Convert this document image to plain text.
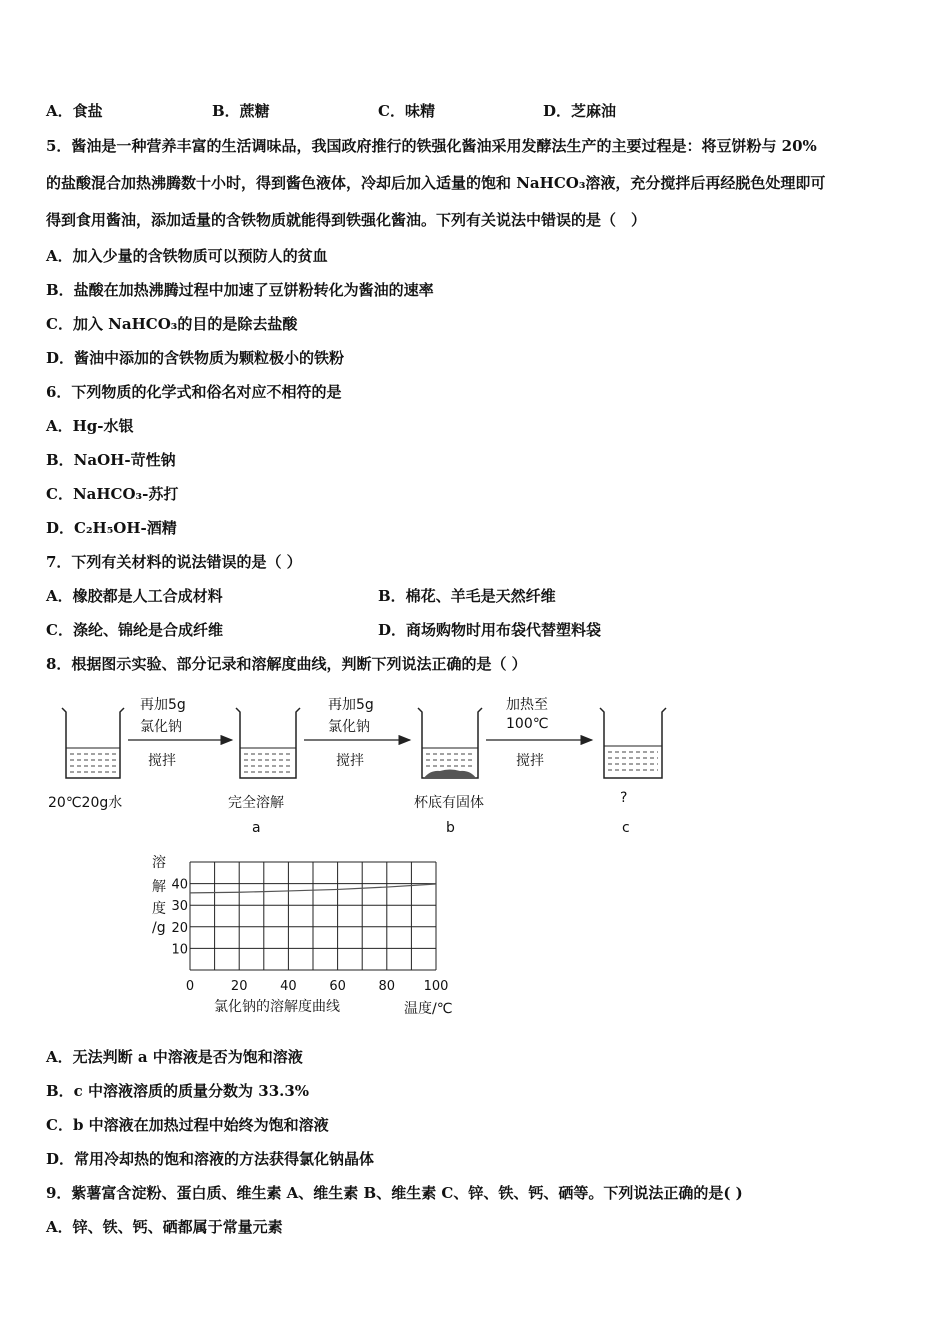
A．食盐	B．蔗糖	C．味精	D．芝麻油
5．酱油是一种营养丰富的生活调味品，我国政府推行的铁强化酱油采用发酵法生产的主要过程是：将豆饼粉与 20%
的盐酸混合加热沸腾数十小时，得到酱色液体，冷却后加入适量的饱和 NaHCO₃溶液，充分搅拌后再经脱色处理即可
得到食用酱油，添加适量的含铁物质就能得到铁强化酱油。下列有关说法中错误的是（　）
A．加入少量的含铁物质可以预防人的贫血
B．盐酸在加热沸腾过程中加速了豆饼粉转化为酱油的速率
C．加入 NaHCO₃的目的是除去盐酸
D．酱油中添加的含铁物质为颗粒极小的铁粉
6．下列物质的化学式和俗名对应不相符的是
A．Hg-水银
B．NaOH-苛性钠
C．NaHCO₃-苏打
D．C₂H₅OH-酒精
7．下列有关材料的说法错误的是（ ）
A．橡胶都是人工合成材料	B．棉花、羊毛是天然纤维
C．涤纶、锦纶是合成纤维	D．商场购物时用布袋代替塑料袋
8．根据图示实验、部分记录和溶解度曲线，判断下列说法正确的是（ ）
再加5g
氯化钠
搅拌
再加5g
氯化钠
搅拌
加热至
100℃
搅拌
20℃20g水	完全溶解	杯底有固体	?
a	b	c
0	20	40	60	80 100
10
20
30
40
溶
解
度
/g
氯化钠的溶解度曲线	温度/℃
A．无法判断 a 中溶液是否为饱和溶液
B．c 中溶液溶质的质量分数为 33.3%
C．b 中溶液在加热过程中始终为饱和溶液
D．常用冷却热的饱和溶液的方法获得氯化钠晶体
9．紫薯富含淀粉、蛋白质、维生素 A、维生素 B、维生素 C、锌、铁、钙、硒等。下列说法正确的是( )
A．锌、铁、钙、硒都属于常量元素
